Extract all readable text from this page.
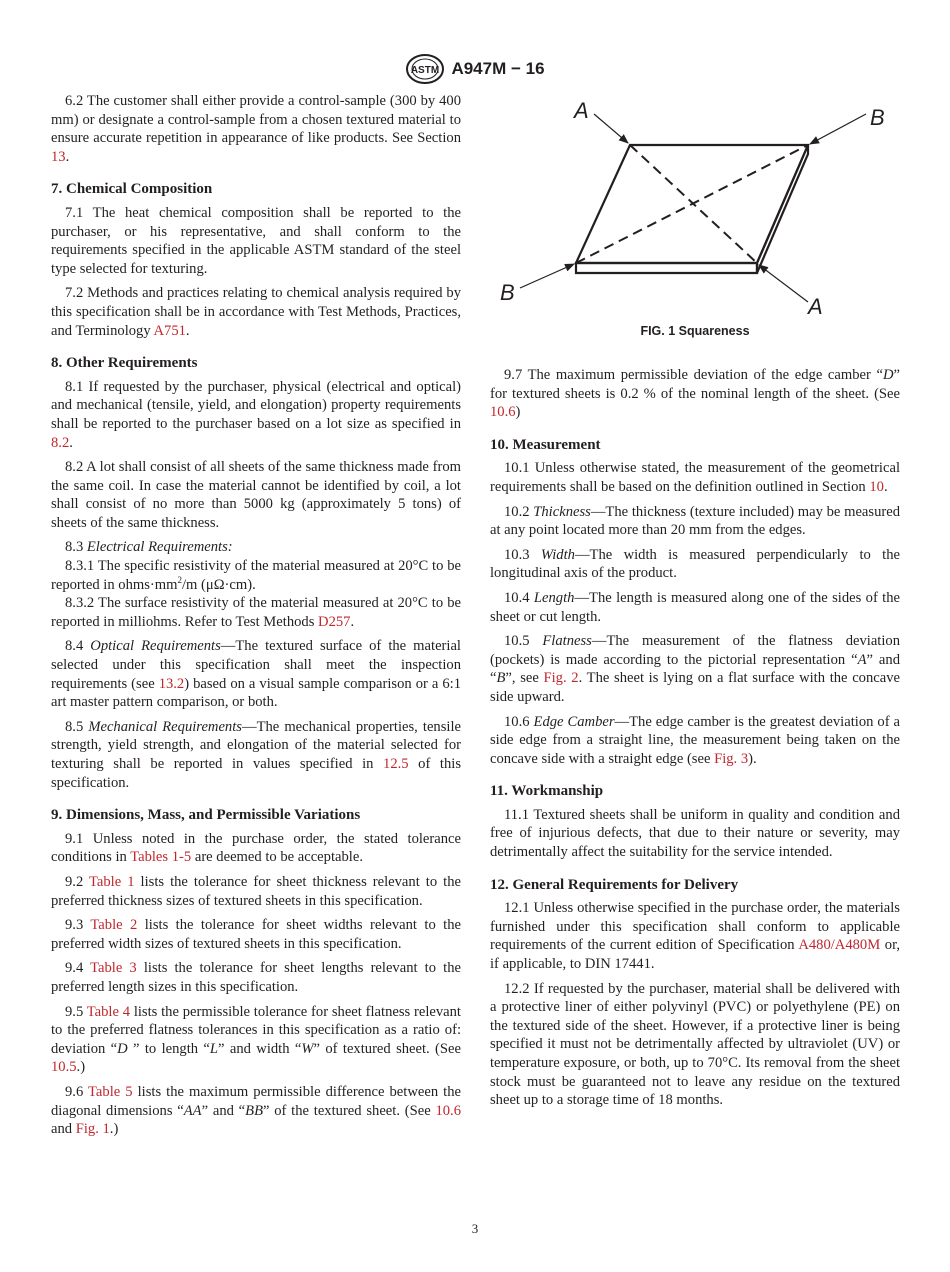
ASTM A947M − 16

6.2 The customer shall either provide a control-sample (300 by 400 mm) or designate a control-sample from a chosen textured material to ensure accurate repetition in appearance of like products. See Section 13.

7. Chemical Composition

7.1 The heat chemical composition shall be reported to the purchaser, or his representative, and shall conform to the requirements specified in the applicable ASTM standard of the steel type selected for texturing.

7.2 Methods and practices relating to chemical analysis required by this specification shall be in accordance with Test Methods, Practices, and Terminology A751.

8. Other Requirements

8.1 If requested by the purchaser, physical (electrical and optical) and mechanical (tensile, yield, and elongation) property requirements shall be reported to the purchaser based on a lot size as specified in 8.2.

8.2 A lot shall consist of all sheets of the same thickness made from the same coil. In case the material cannot be identified by coil, a lot shall consist of no more than 5000 kg (approximately 5 tons) of sheets of the same thickness.

8.3 Electrical Requirements:

8.3.1 The specific resistivity of the material measured at 20°C to be reported in $ohms\cdot mm^2/m$ (μΩ·cm).

8.3.2 The surface resistivity of the material measured at 20°C to be reported in milliohms. Refer to Test Methods D257.

8.4 Optical Requirements—The textured surface of the material selected under this specification shall meet the inspection requirements (see 13.2) based on a visual sample comparison or a 6:1 art master pattern comparison, or both.

8.5 Mechanical Requirements—The mechanical properties, tensile strength, yield strength, and elongation of the material selected for texturing shall be reported in values specified in 12.5 of this specification.

9. Dimensions, Mass, and Permissible Variations

9.1 Unless noted in the purchase order, the stated tolerance conditions in Tables 1-5 are deemed to be acceptable.

9.2 Table 1 lists the tolerance for sheet thickness relevant to the preferred thickness sizes of textured sheets in this specification.

9.3 Table 2 lists the tolerance for sheet widths relevant to the preferred width sizes of textured sheets in this specification.

9.4 Table 3 lists the tolerance for sheet lengths relevant to the preferred length sizes in this specification.

9.5 Table 4 lists the permissible tolerance for sheet flatness relevant to the preferred flatness tolerances in this specification as a ratio of: deviation “D ” to length “L” and width “W” of textured sheet. (See 10.5.)

9.6 Table 5 lists the maximum permissible difference between the diagonal dimensions “AA” and “BB” of the textured sheet. (See 10.6 and Fig. 1.)

A	B
B
A
FIG. 1 Squareness

9.7 The maximum permissible deviation of the edge camber “D” for textured sheets is 0.2 % of the nominal length of the sheet. (See 10.6)

10. Measurement

10.1 Unless otherwise stated, the measurement of the geometrical requirements shall be based on the definition outlined in Section 10.

10.2 Thickness—The thickness (texture included) may be measured at any point located more than 20 mm from the edges.

10.3 Width—The width is measured perpendicularly to the longitudinal axis of the product.

10.4 Length—The length is measured along one of the sides of the sheet or cut length.

10.5 Flatness—The measurement of the flatness deviation (pockets) is made according to the pictorial representation “A” and “B”, see Fig. 2. The sheet is lying on a flat surface with the concave side upward.

10.6 Edge Camber—The edge camber is the greatest deviation of a side edge from a straight line, the measurement being taken on the concave side with a straight edge (see Fig. 3).

11. Workmanship

11.1 Textured sheets shall be uniform in quality and condition and free of injurious defects, that due to their nature or severity, may detrimentally affect the suitability for the service intended.

12. General Requirements for Delivery

12.1 Unless otherwise specified in the purchase order, the materials furnished under this specification shall conform to applicable requirements of the current edition of Specification A480/A480M or, if applicable, to DIN 17441.

12.2 If requested by the purchaser, material shall be delivered with a protective liner of either polyvinyl (PVC) or polyethylene (PE) on the textured side of the sheet. However, if a protective liner is being specified it must not be detrimentally affected by ultraviolet (UV) or temperature exposure, or both, up to 70°C. Its removal from the sheet stock must be guaranteed not to leave any residue on the textured sheet up to a storage time of 18 months.

3
